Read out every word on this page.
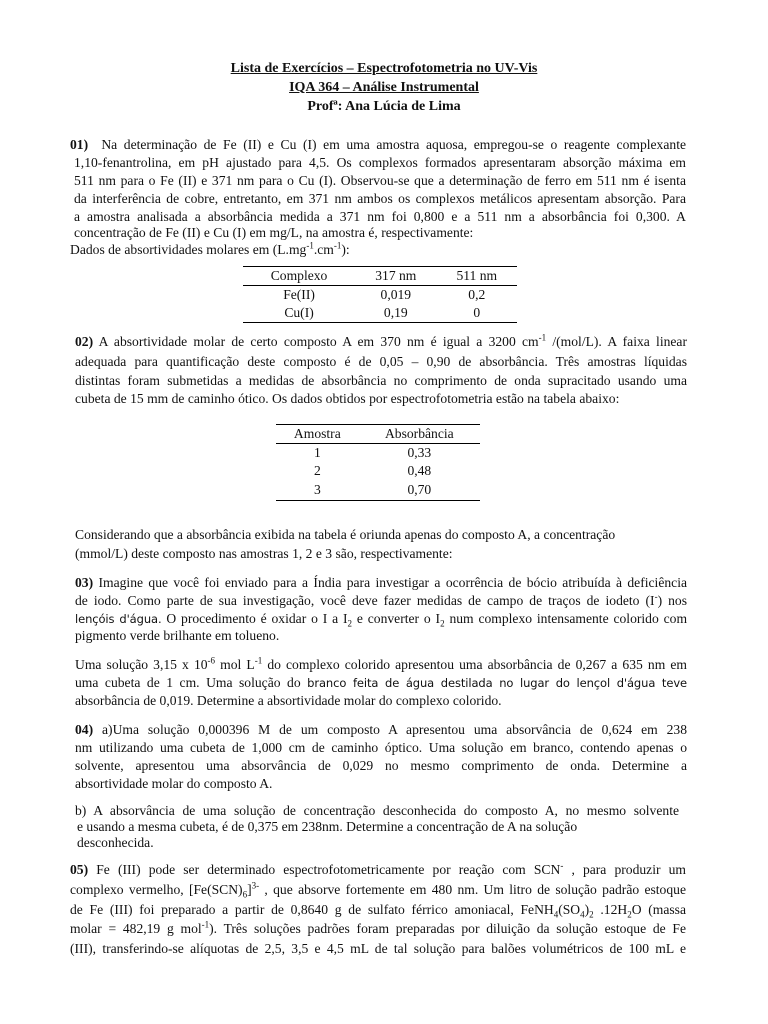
Lista de Exercícios – Espectrofotometria no UV-Vis
IQA 364 – Análise Instrumental
Profª: Ana Lúcia de Lima
01) Na determinação de Fe (II) e Cu (I) em uma amostra aquosa, empregou-se o reagente complexante
1,10-fenantrolina, em pH ajustado para 4,5. Os complexos formados apresentaram absorção máxima em
511 nm para o Fe (II) e 371 nm para o Cu (I). Observou-se que a determinação de ferro em 511 nm é isenta
da interferência de cobre, entretanto, em 371 nm ambos os complexos metálicos apresentam absorção. Para
a amostra analisada a absorbância medida a 371 nm foi 0,800 e a 511 nm a absorbância foi 0,300. A
concentração de Fe (II) e Cu (I) em mg/L, na amostra é, respectivamente:
Dados de absortividades molares em $(L.mg^{-1}.cm^{-1})$:
Complexo	317 nm	511 nm
Fe(II)	0,019	0,2
Cu(I)	0,19	0
02) A absortividade molar de certo composto A em 370 nm é igual a 3200 $cm^{-1}$ /(mol/L). A faixa linear
adequada para quantificação deste composto é de 0,05 – 0,90 de absorbância. Três amostras líquidas
distintas foram submetidas a medidas de absorbância no comprimento de onda supracitado usando uma
cubeta de 15 mm de caminho ótico. Os dados obtidos por espectrofotometria estão na tabela abaixo:
Amostra	Absorbância
1	0,33
2	0,48
3	0,70
Considerando que a absorbância exibida na tabela é oriunda apenas do composto A, a concentração
(mmol/L) deste composto nas amostras 1, 2 e 3 são, respectivamente:
03) Imagine que você foi enviado para a Índia para investigar a ocorrência de bócio atribuída à deficiência
de iodo. Como parte de sua investigação, você deve fazer medidas de campo de traços de iodeto (I-) nos
lençóis d'água. O procedimento é oxidar o I a $I_2$ e converter o $I_2$ num complexo intensamente colorido com
pigmento verde brilhante em tolueno.
Uma solução 3,15 x $10^{-6}$ mol $L^{-1}$ do complexo colorido apresentou uma absorbância de 0,267 a 635 nm em
uma cubeta de 1 cm. Uma solução do branco feita de água destilada no lugar do lençol d'água teve
absorbância de 0,019. Determine a absortividade molar do complexo colorido.
04) a)Uma solução 0,000396 M de um composto A apresentou uma absorvância de 0,624 em 238
nm utilizando uma cubeta de 1,000 cm de caminho óptico. Uma solução em branco, contendo apenas o
solvente, apresentou uma absorvância de 0,029 no mesmo comprimento de onda. Determine a
absortividade molar do composto A.
b) A absorvância de uma solução de concentração desconhecida do composto A, no mesmo solvente
e usando a mesma cubeta, é de 0,375 em 238nm. Determine a concentração de A na solução
desconhecida.
05) Fe (III) pode ser determinado espectrofotometricamente por reação com SCN- , para produzir um
complexo vermelho, $[Fe(SCN)_6]^{3-}$ , que absorve fortemente em 480 nm. Um litro de solução padrão estoque
de Fe (III) foi preparado a partir de 0,8640 g de sulfato férrico amoniacal, $FeNH_4(SO_4)_2$ $.12H_2O$ (massa
molar = 482,19 g mol$^{-1}$). Três soluções padrões foram preparadas por diluição da solução estoque de Fe
(III), transferindo-se alíquotas de 2,5, 3,5 e 4,5 mL de tal solução para balões volumétricos de 100 mL e
